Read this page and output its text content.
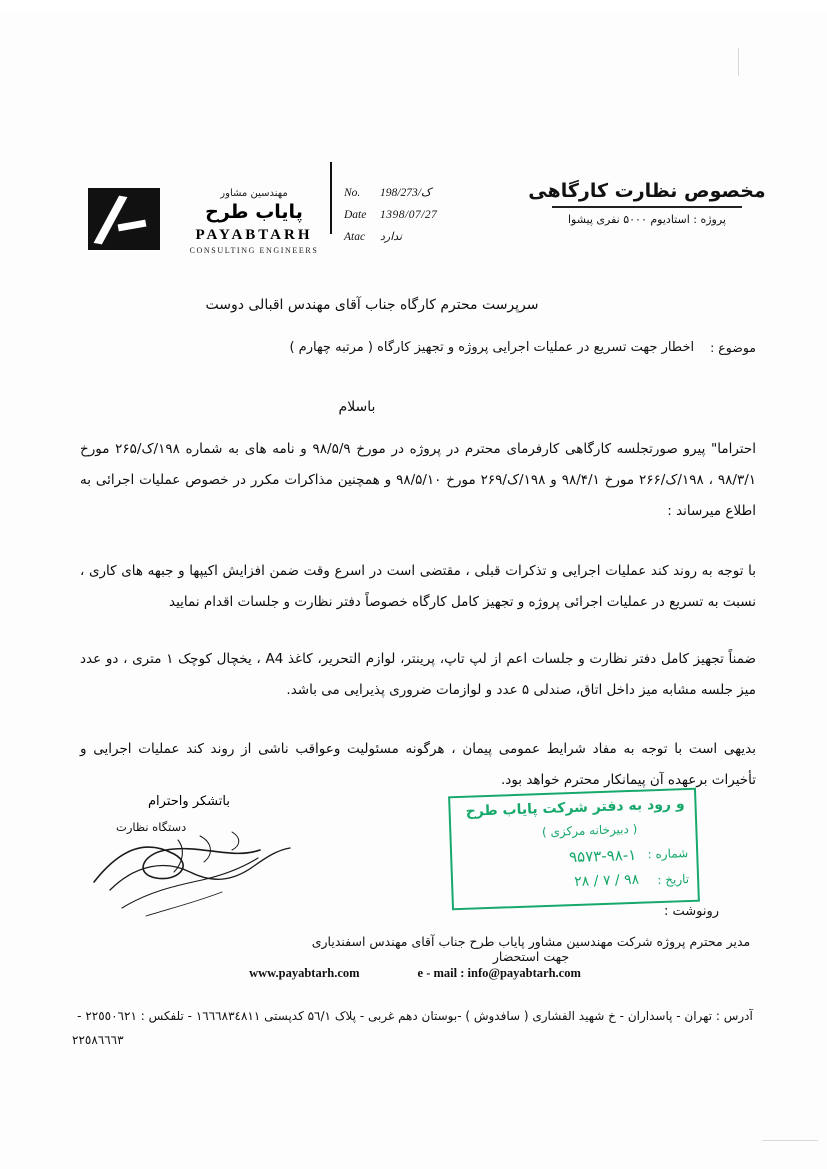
مهندسین مشاور
پایاب طرح
PAYABTARH
CONSULTING ENGINEERS
No.	198/ک/273
Date	1398/07/27
Atac	ندارد
مخصوص نظارت کارگاهی
پروژه : استادیوم ۵۰۰۰ نفری پیشوا
سرپرست محترم کارگاه جناب آقای مهندس اقبالی دوست
موضوع :
اخطار جهت تسریع در عملیات اجرایی پروژه و تجهیز کارگاه ( مرتبه چهارم )
باسلام
احتراما" پیرو صورتجلسه کارگاهی کارفرمای محترم در پروژه در مورخ ۹۸/۵/۹ و نامه های به شماره ۱۹۸/ک/۲۶۵ مورخ ۹۸/۳/۱ ، ۱۹۸/ک/۲۶۶ مورخ ۹۸/۴/۱ و ۱۹۸/ک/۲۶۹ مورخ ۹۸/۵/۱۰ و همچنین مذاکرات مکرر در خصوص عملیات اجرائی به اطلاع میرساند :
با توجه به روند کند عملیات اجرایی و تذکرات قبلی ، مقتضی است در اسرع وقت ضمن افزایش اکیپها و جبهه های کاری ، نسبت به تسریع در عملیات اجرائی پروژه و تجهیز کامل کارگاه خصوصاً دفتر نظارت و جلسات اقدام نمایید
ضمناً تجهیز کامل دفتر نظارت و جلسات اعم از لپ تاپ، پرینتر، لوازم التحریر، کاغذ A4 ، یخچال کوچک ۱ متری ، دو عدد میز جلسه مشابه میز داخل اتاق، صندلی ۵ عدد و لوازمات ضروری پذیرایی می باشد.
بدیهی است با توجه به مفاد شرایط عمومی پیمان ، هرگونه مسئولیت وعواقب ناشی از روند کند عملیات اجرایی و تأخیرات برعهده آن پیمانکار محترم خواهد بود.
باتشکر واحترام
دستگاه نظارت
و رود به دفتر شرکت پایاب طرح
( دبیرخانه مرکزی )
شماره :
۹۵۷۳-۹۸-۱
تاریخ :
۹۸ / ۷ / ۲۸
رونوشت :
مدیر محترم پروژه شرکت مهندسین مشاور پایاب طرح جناب آقای مهندس اسفندیاری جهت استحضار
www.payabtarh.com	e - mail : info@payabtarh.com
آدرس : تهران - پاسداران - خ شهید الفشاری ( سافدوش ) -بوستان دهم غربی - پلاک ۵٦/۱ کدپستی ١٦٦٦٨٣٤٨١١ - تلفکس : ٢٢٥٥٠٦٢١ -
٢٢٥٨٦٦٦٣
